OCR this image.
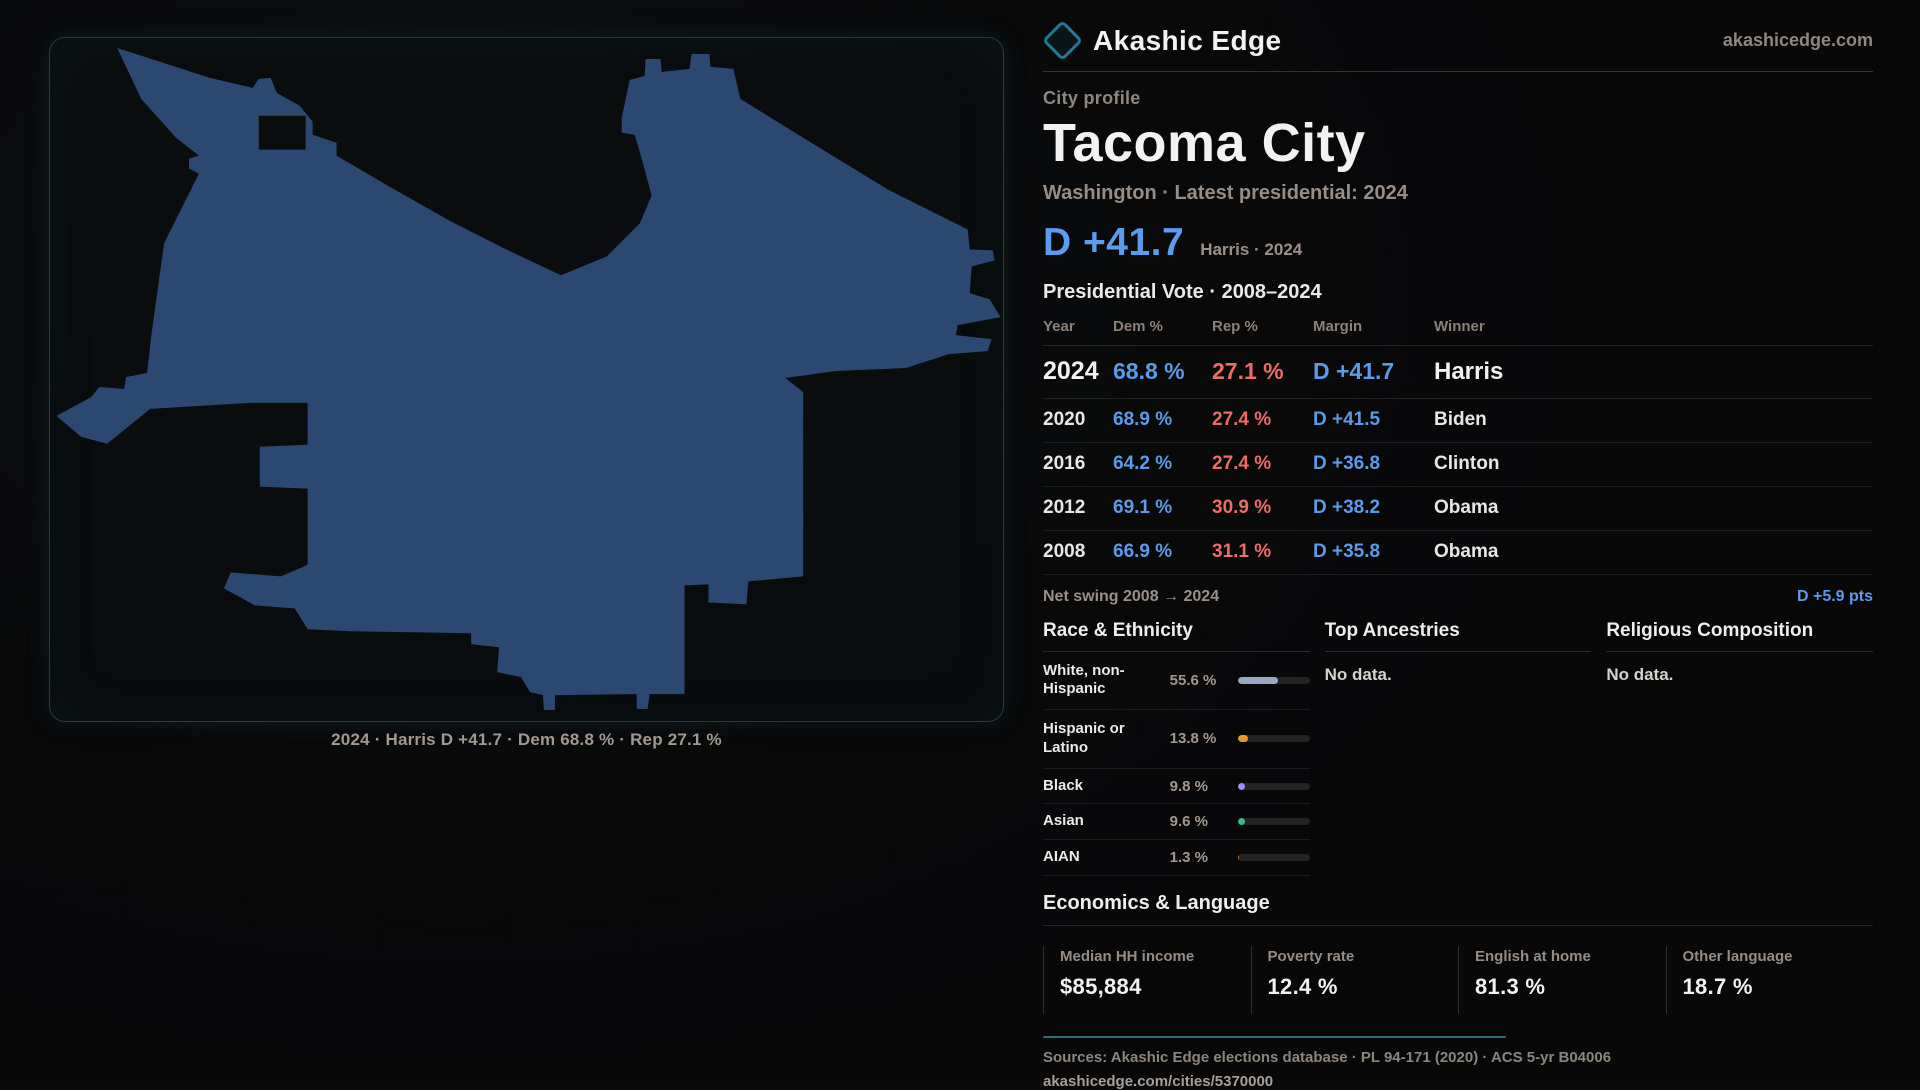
2024 · Harris D +41.7 · Dem 68.8 % · Rep 27.1 %
Akashic Edge	akashicedge.com
City profile
Tacoma City
Washington · Latest presidential: 2024
D +41.7 Harris · 2024
Presidential Vote · 2008–2024
Year	Dem %	Rep %	Margin	Winner
2024 68.8 %	27.1 %	D +41.7	Harris
2020	68.9 %	27.4 %	D +41.5	Biden
2016	64.2 %	27.4 %	D +36.8	Clinton
2012	69.1 %	30.9 %	D +38.2	Obama
2008	66.9 %	31.1 %	D +35.8	Obama
Net swing 2008 → 2024	D +5.9 pts
Race & Ethnicity
White, non-Hispanic	55.6 %
Hispanic or Latino	13.8 %
Black	9.8 %
Asian	9.6 %
AIAN	1.3 %
Top Ancestries
No data.
Religious Composition
No data.
Economics & Language
Median HH income
$85,884
Poverty rate
12.4 %
English at home
81.3 %
Other language
18.7 %
Sources: Akashic Edge elections database · PL 94-171 (2020) · ACS 5-yr B04006
akashicedge.com/cities/5370000
